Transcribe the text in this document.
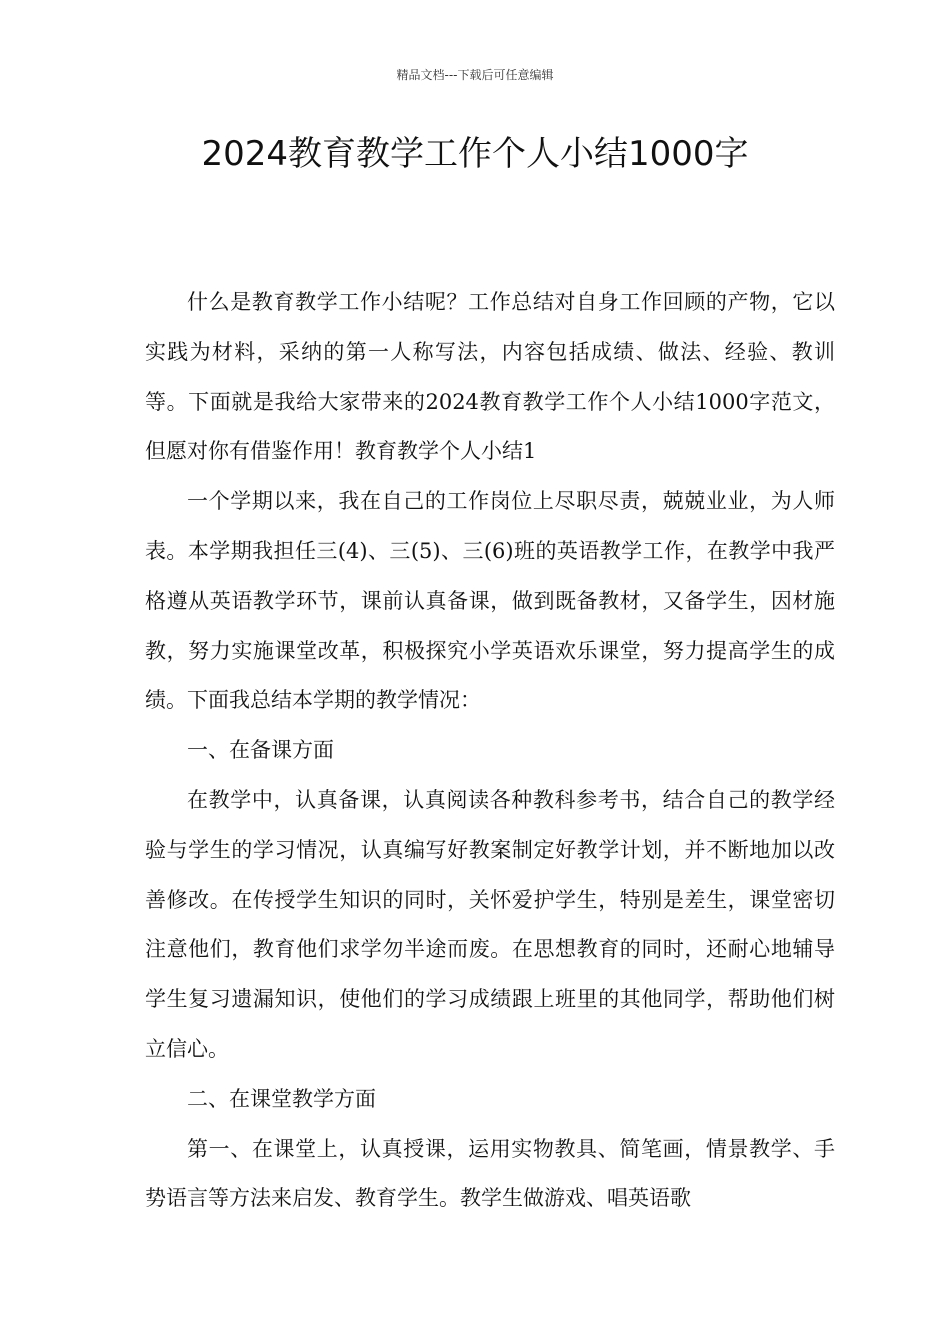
精品文档---下载后可任意编辑
2024教育教学工作个人小结1000字

什么是教育教学工作小结呢？工作总结对自身工作回顾的产物，它以实践为材料，采纳的第一人称写法，内容包括成绩、做法、经验、教训等。下面就是我给大家带来的2024教育教学工作个人小结1000字范文，但愿对你有借鉴作用！教育教学个人小结1

一个学期以来，我在自己的工作岗位上尽职尽责，兢兢业业，为人师表。本学期我担任三(4)、三(5)、三(6)班的英语教学工作，在教学中我严格遵从英语教学环节，课前认真备课，做到既备教材，又备学生，因材施教，努力实施课堂改革，积极探究小学英语欢乐课堂，努力提高学生的成绩。下面我总结本学期的教学情况：

一、在备课方面

在教学中，认真备课，认真阅读各种教科参考书，结合自己的教学经验与学生的学习情况，认真编写好教案制定好教学计划，并不断地加以改善修改。在传授学生知识的同时，关怀爱护学生，特别是差生，课堂密切注意他们，教育他们求学勿半途而废。在思想教育的同时，还耐心地辅导学生复习遗漏知识，使他们的学习成绩跟上班里的其他同学，帮助他们树立信心。

二、在课堂教学方面

第一、在课堂上，认真授课，运用实物教具、简笔画，情景教学、手势语言等方法来启发、教育学生。教学生做游戏、唱英语歌
